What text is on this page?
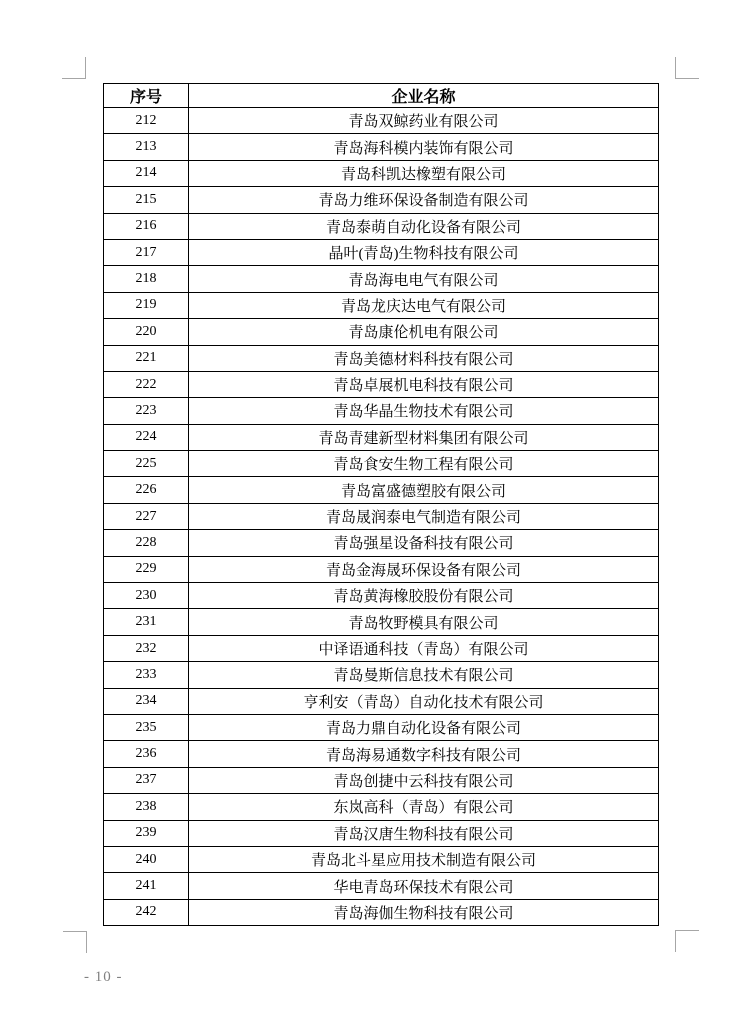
序号	企业名称
212	青岛双鲸药业有限公司
213	青岛海科模内装饰有限公司
214	青岛科凯达橡塑有限公司
215	青岛力维环保设备制造有限公司
216	青岛泰萌自动化设备有限公司
217	晶叶(青岛)生物科技有限公司
218	青岛海电电气有限公司
219	青岛龙庆达电气有限公司
220	青岛康伦机电有限公司
221	青岛美德材料科技有限公司
222	青岛卓展机电科技有限公司
223	青岛华晶生物技术有限公司
224	青岛青建新型材料集团有限公司
225	青岛食安生物工程有限公司
226	青岛富盛德塑胶有限公司
227	青岛晟润泰电气制造有限公司
228	青岛强星设备科技有限公司
229	青岛金海晟环保设备有限公司
230	青岛黄海橡胶股份有限公司
231	青岛牧野模具有限公司
232	中译语通科技（青岛）有限公司
233	青岛曼斯信息技术有限公司
234	亨利安（青岛）自动化技术有限公司
235	青岛力鼎自动化设备有限公司
236	青岛海易通数字科技有限公司
237	青岛创捷中云科技有限公司
238	东岚高科（青岛）有限公司
239	青岛汉唐生物科技有限公司
240	青岛北斗星应用技术制造有限公司
241	华电青岛环保技术有限公司
242	青岛海伽生物科技有限公司
- 10 -
